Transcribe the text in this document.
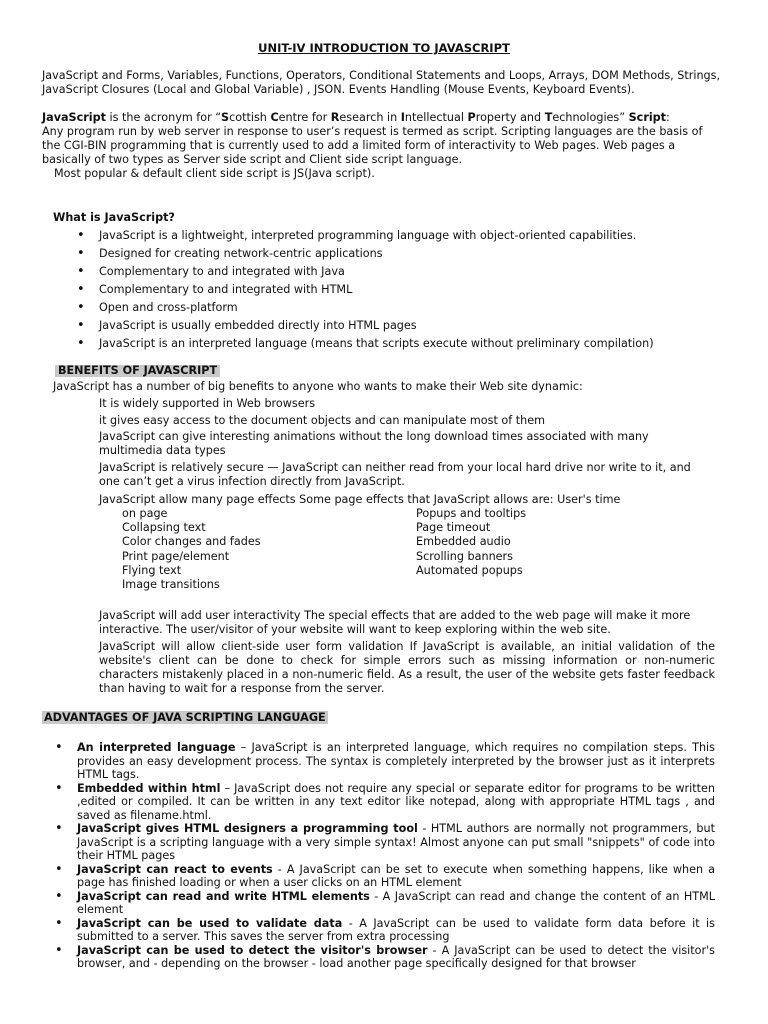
UNIT-IV INTRODUCTION TO JAVASCRIPT
JavaScript and Forms, Variables, Functions, Operators, Conditional Statements and Loops, Arrays, DOM Methods, Strings, JavaScript Closures (Local and Global Variable) , JSON. Events Handling (Mouse Events, Keyboard Events).
JavaScript is the acronym for “Scottish Centre for Research in Intellectual Property and Technologies” Script:
Any program run by web server in response to user’s request is termed as script. Scripting languages are the basis of the CGI-BIN programming that is currently used to add a limited form of interactivity to Web pages. Web pages a basically of two types as Server side script and Client side script language.

Most popular & default client side script is JS(Java script).
What is JavaScript?
• JavaScript is a lightweight, interpreted programming language with object-oriented capabilities.
• Designed for creating network-centric applications
• Complementary to and integrated with Java
• Complementary to and integrated with HTML
• Open and cross-platform
• JavaScript is usually embedded directly into HTML pages
• JavaScript is an interpreted language (means that scripts execute without preliminary compilation)
BENEFITS OF JAVASCRIPT
JavaScript has a number of big benefits to anyone who wants to make their Web site dynamic:
It is widely supported in Web browsers
it gives easy access to the document objects and can manipulate most of them
JavaScript can give interesting animations without the long download times associated with many multimedia data types
JavaScript is relatively secure — JavaScript can neither read from your local hard drive nor write to it, and one can’t get a virus infection directly from JavaScript.
JavaScript allow many page effects Some page effects that JavaScript allows are: User's time
on page
Collapsing text
Color changes and fades
Print page/element
Flying text
Image transitions
Popups and tooltips
Page timeout
Embedded audio
Scrolling banners
Automated popups
JavaScript will add user interactivity The special effects that are added to the web page will make it more interactive. The user/visitor of your website will want to keep exploring within the web site.
JavaScript will allow client-side user form validation If JavaScript is available, an initial validation of the website's client can be done to check for simple errors such as missing information or non-numeric characters mistakenly placed in a non-numeric field. As a result, the user of the website gets faster feedback than having to wait for a response from the server.
ADVANTAGES OF JAVA SCRIPTING LANGUAGE
• An interpreted language – JavaScript is an interpreted language, which requires no compilation steps. This provides an easy development process. The syntax is completely interpreted by the browser just as it interprets HTML tags.
• Embedded within html – JavaScript does not require any special or separate editor for programs to be written ,edited or compiled. It can be written in any text editor like notepad, along with appropriate HTML tags , and saved as filename.html.
• JavaScript gives HTML designers a programming tool - HTML authors are normally not programmers, but JavaScript is a scripting language with a very simple syntax! Almost anyone can put small "snippets" of code into their HTML pages
• JavaScript can react to events - A JavaScript can be set to execute when something happens, like when a page has finished loading or when a user clicks on an HTML element
• JavaScript can read and write HTML elements - A JavaScript can read and change the content of an HTML element
• JavaScript can be used to validate data - A JavaScript can be used to validate form data before it is submitted to a server. This saves the server from extra processing
• JavaScript can be used to detect the visitor's browser - A JavaScript can be used to detect the visitor's browser, and - depending on the browser - load another page specifically designed for that browser
